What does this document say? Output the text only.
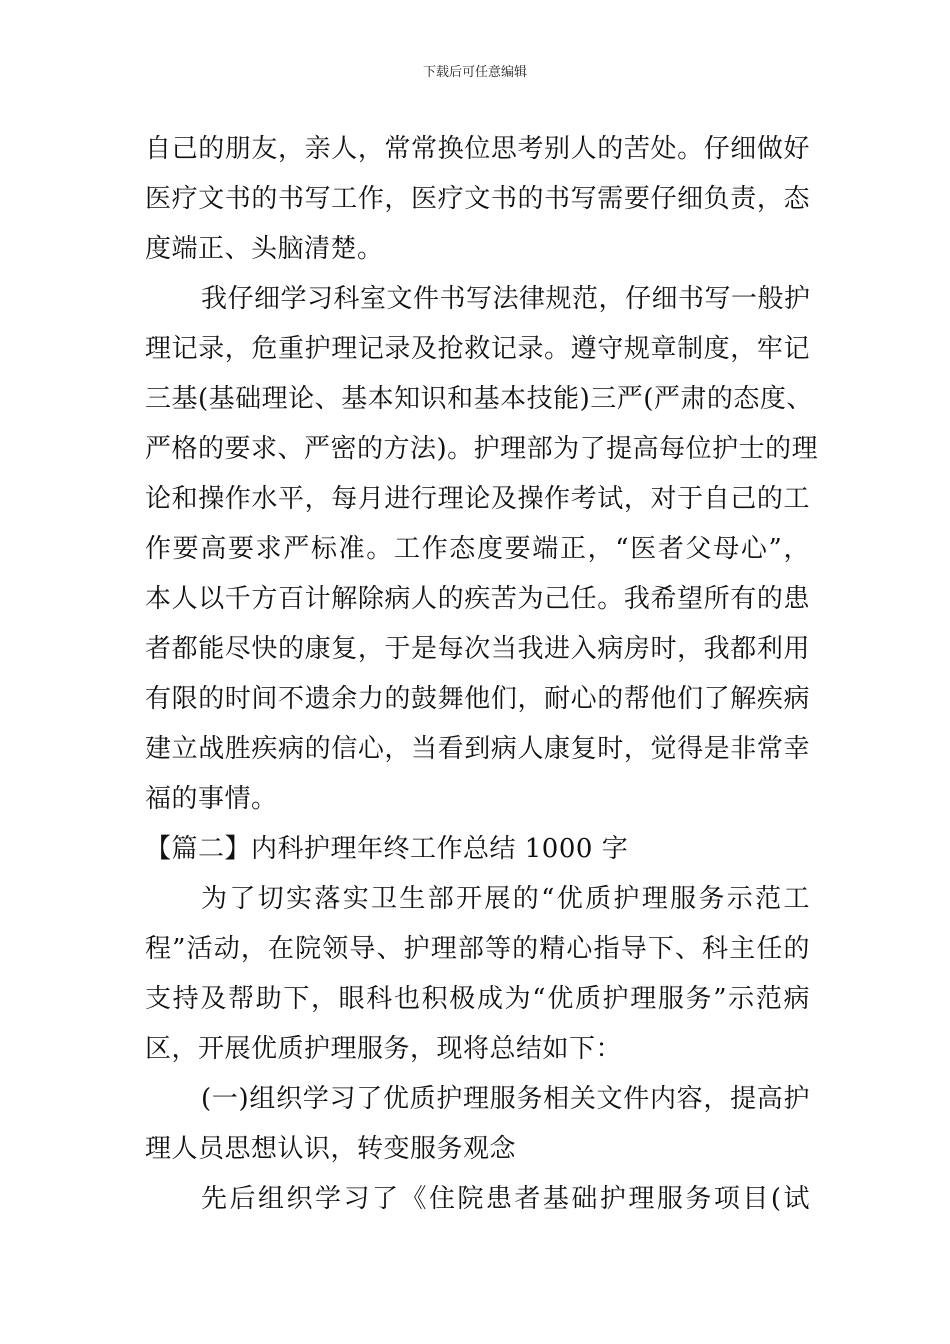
下载后可任意编辑
自己的朋友，亲人，常常换位思考别人的苦处。仔细做好
医疗文书的书写工作，医疗文书的书写需要仔细负责，态
度端正、头脑清楚。
我仔细学习科室文件书写法律规范，仔细书写一般护
理记录，危重护理记录及抢救记录。遵守规章制度，牢记
三基(基础理论、基本知识和基本技能)三严(严肃的态度、
严格的要求、严密的方法)。护理部为了提高每位护士的理
论和操作水平，每月进行理论及操作考试，对于自己的工
作要高要求严标准。工作态度要端正，“医者父母心”，
本人以千方百计解除病人的疾苦为己任。我希望所有的患
者都能尽快的康复，于是每次当我进入病房时，我都利用
有限的时间不遗余力的鼓舞他们，耐心的帮他们了解疾病
建立战胜疾病的信心，当看到病人康复时，觉得是非常幸
福的事情。
【篇二】内科护理年终工作总结 1000 字
为了切实落实卫生部开展的“优质护理服务示范工
程”活动，在院领导、护理部等的精心指导下、科主任的
支持及帮助下，眼科也积极成为“优质护理服务”示范病
区，开展优质护理服务，现将总结如下：
(一)组织学习了优质护理服务相关文件内容，提高护
理人员思想认识，转变服务观念
先后组织学习了《住院患者基础护理服务项目(试
